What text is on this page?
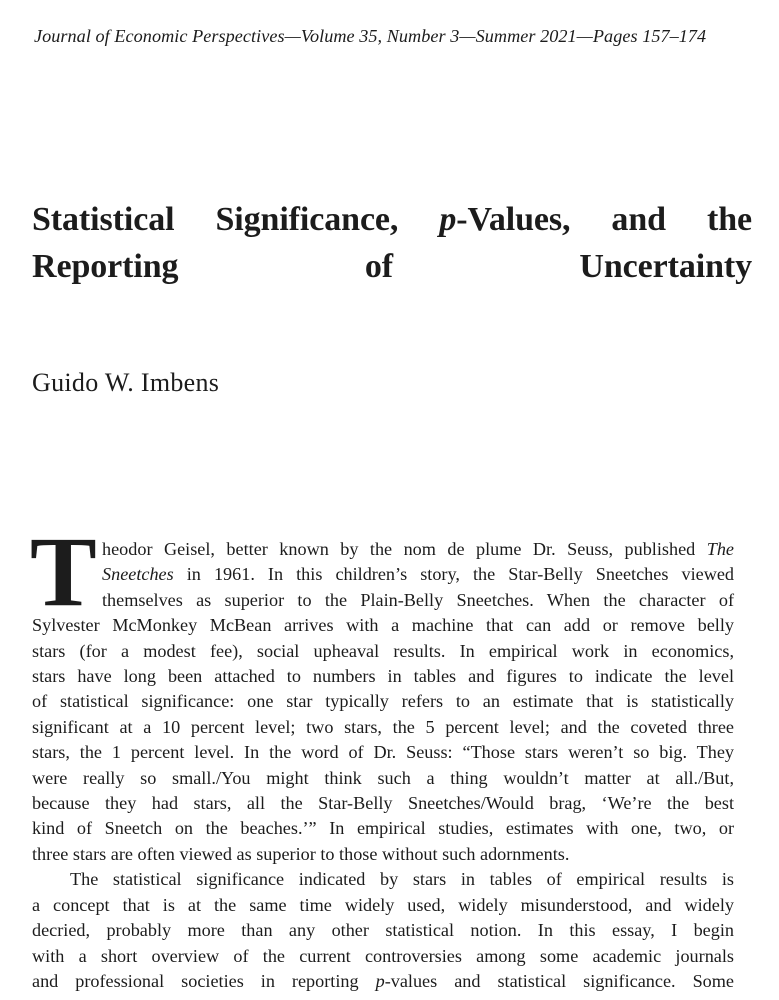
Journal of Economic Perspectives—Volume 35, Number 3—Summer 2021—Pages 157–174
Statistical Significance, p-Values, and the
Reporting of Uncertainty
Guido W. Imbens
T heodor Geisel, better known by the nom de plume Dr. Seuss, published The
Sneetches in 1961. In this children’s story, the Star-Belly Sneetches viewed
themselves as superior to the Plain-Belly Sneetches. When the character of
Sylvester McMonkey McBean arrives with a machine that can add or remove belly
stars (for a modest fee), social upheaval results. In empirical work in economics,
stars have long been attached to numbers in tables and figures to indicate the level
of statistical significance: one star typically refers to an estimate that is statistically
significant at a 10 percent level; two stars, the 5 percent level; and the coveted three
stars, the 1 percent level. In the word of Dr. Seuss: “Those stars weren’t so big. They
were really so small./You might think such a thing wouldn’t matter at all./But,
because they had stars, all the Star-Belly Sneetches/Would brag, ‘We’re the best
kind of Sneetch on the beaches.’” In empirical studies, estimates with one, two, or
three stars are often viewed as superior to those without such adornments.
The statistical significance indicated by stars in tables of empirical results is
a concept that is at the same time widely used, widely misunderstood, and widely
decried, probably more than any other statistical notion. In this essay, I begin
with a short overview of the current controversies among some academic journals
and professional societies in reporting p-values and statistical significance. Some
